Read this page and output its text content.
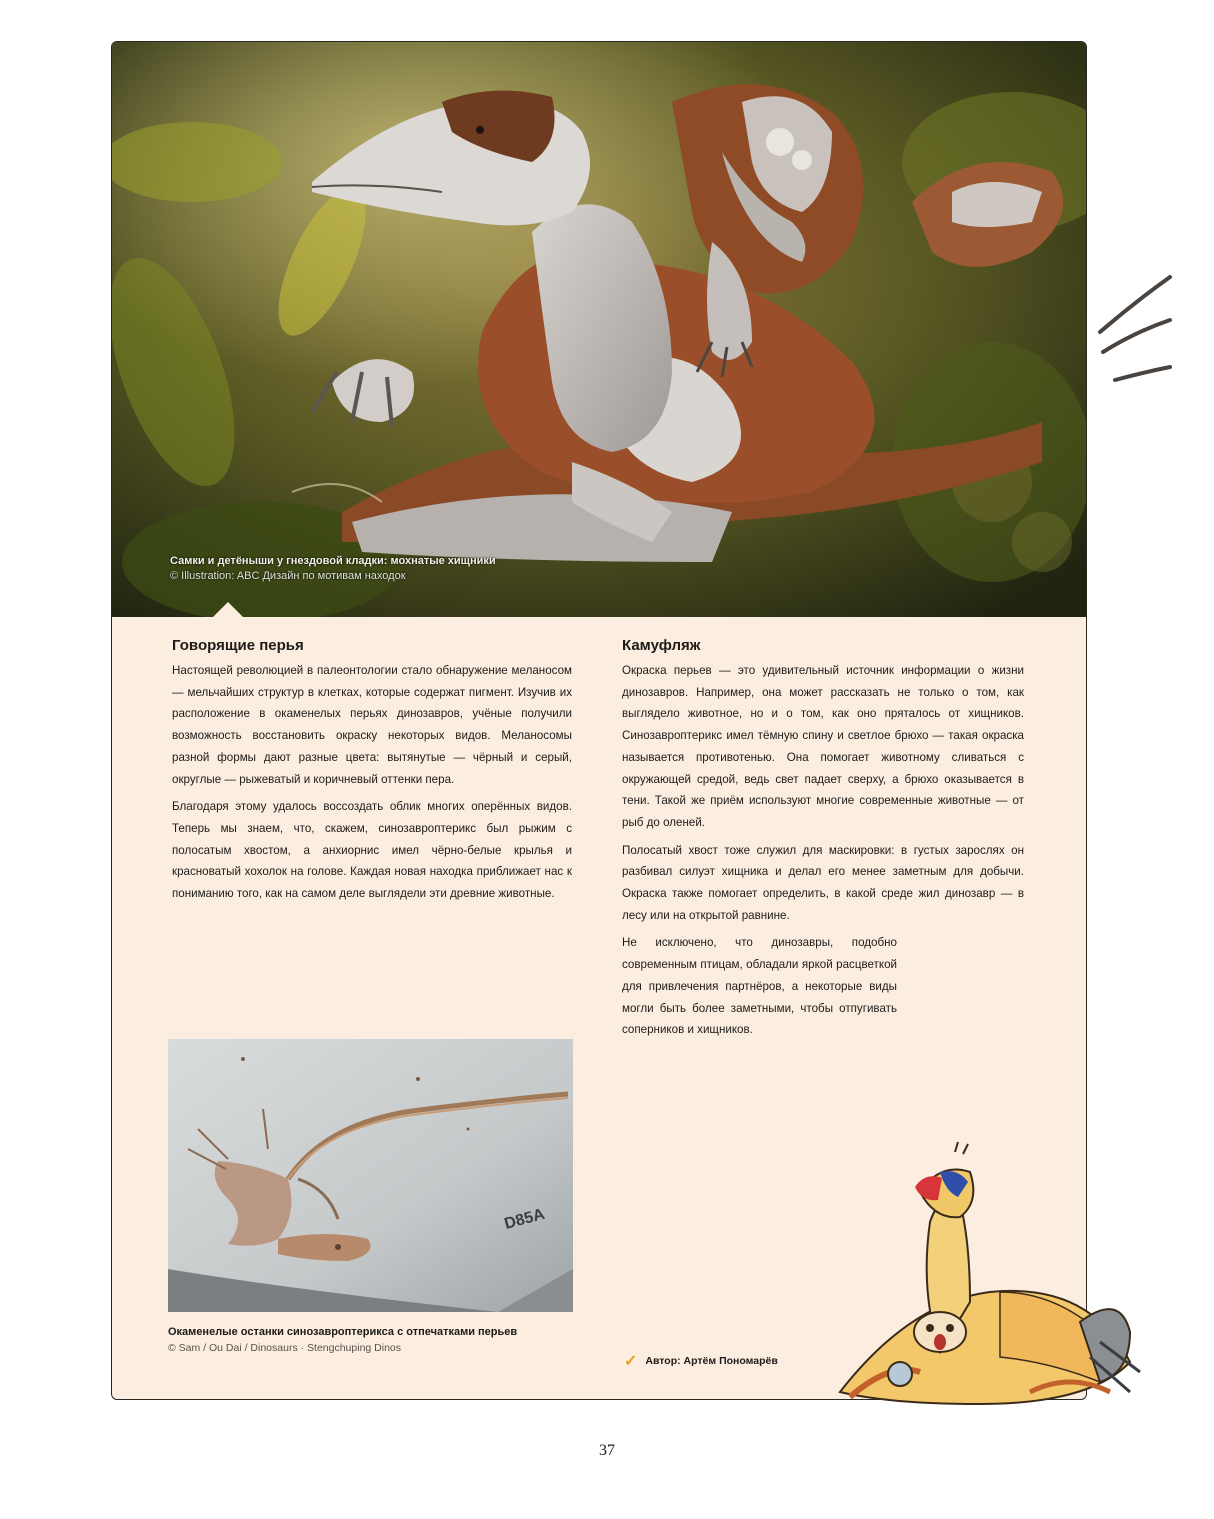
Самки и детёныши у гнездовой кладки: мохнатые хищники
© Illustration: ABC Дизайн по мотивам находок
Говорящие перья

Настоящей революцией в палеонтологии стало обнаружение меланосом — мельчайших структур в клетках, которые содержат пигмент. Изучив их расположение в окаменелых перьях динозавров, учёные получили возможность восстановить окраску некоторых видов. Меланосомы разной формы дают разные цвета: вытянутые — чёрный и серый, округлые — рыжеватый и коричневый оттенки пера.

Благодаря этому удалось воссоздать облик многих оперённых видов. Теперь мы знаем, что, скажем, синозавроптерикс был рыжим с полосатым хвостом, а анхиорнис имел чёрно-белые крылья и красноватый хохолок на голове. Каждая новая находка приближает нас к пониманию того, как на самом деле выглядели эти древние животные.

D85A
Окаменелые останки синозавроптерикса с отпечатками перьев
© Sam / Ou Dai / Dinosaurs · Stengchuping Dinos
Камуфляж

Окраска перьев — это удивительный источник информации о жизни динозавров. Например, она может рассказать не только о том, как выглядело животное, но и о том, как оно пряталось от хищников. Синозавроптерикс имел тёмную спину и светлое брюхо — такая окраска называется противотенью. Она помогает животному сливаться с окружающей средой, ведь свет падает сверху, а брюхо оказывается в тени. Такой же приём используют многие современные животные — от рыб до оленей.

Полосатый хвост тоже служил для маскировки: в густых зарослях он разбивал силуэт хищника и делал его менее заметным для добычи. Окраска также помогает определить, в какой среде жил динозавр — в лесу или на открытой равнине.

Не исключено, что динозавры, подобно современным птицам, обладали яркой расцветкой для привлечения партнёров, а некоторые виды могли быть более заметными, чтобы отпугивать соперников и хищников.

✓ Автор: Артём Пономарёв
37
